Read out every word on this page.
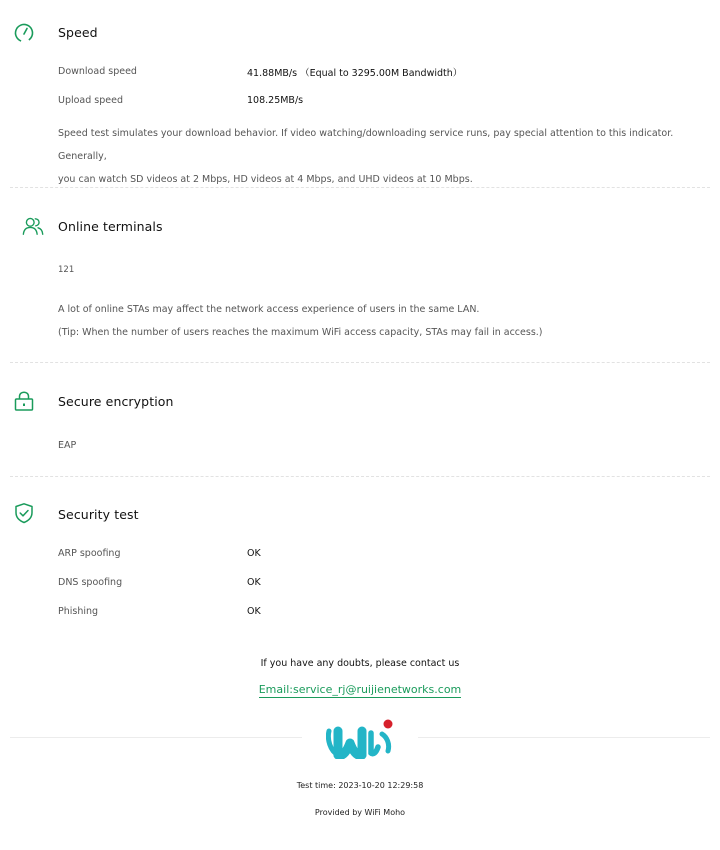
Speed
Download speed	41.88MB/s （Equal to 3295.00M Bandwidth）
Upload speed	108.25MB/s
Speed test simulates your download behavior. If video watching/downloading service runs, pay special attention to this indicator. Generally,
you can watch SD videos at 2 Mbps, HD videos at 4 Mbps, and UHD videos at 10 Mbps.
Online terminals
121
A lot of online STAs may affect the network access experience of users in the same LAN.
(Tip: When the number of users reaches the maximum WiFi access capacity, STAs may fail in access.)
Secure encryption
EAP
Security test
ARP spoofing	OK
DNS spoofing	OK
Phishing	OK
If you have any doubts, please contact us
Email:service_rj@ruijienetworks.com
Test time: 2023-10-20 12:29:58
Provided by WiFi Moho
